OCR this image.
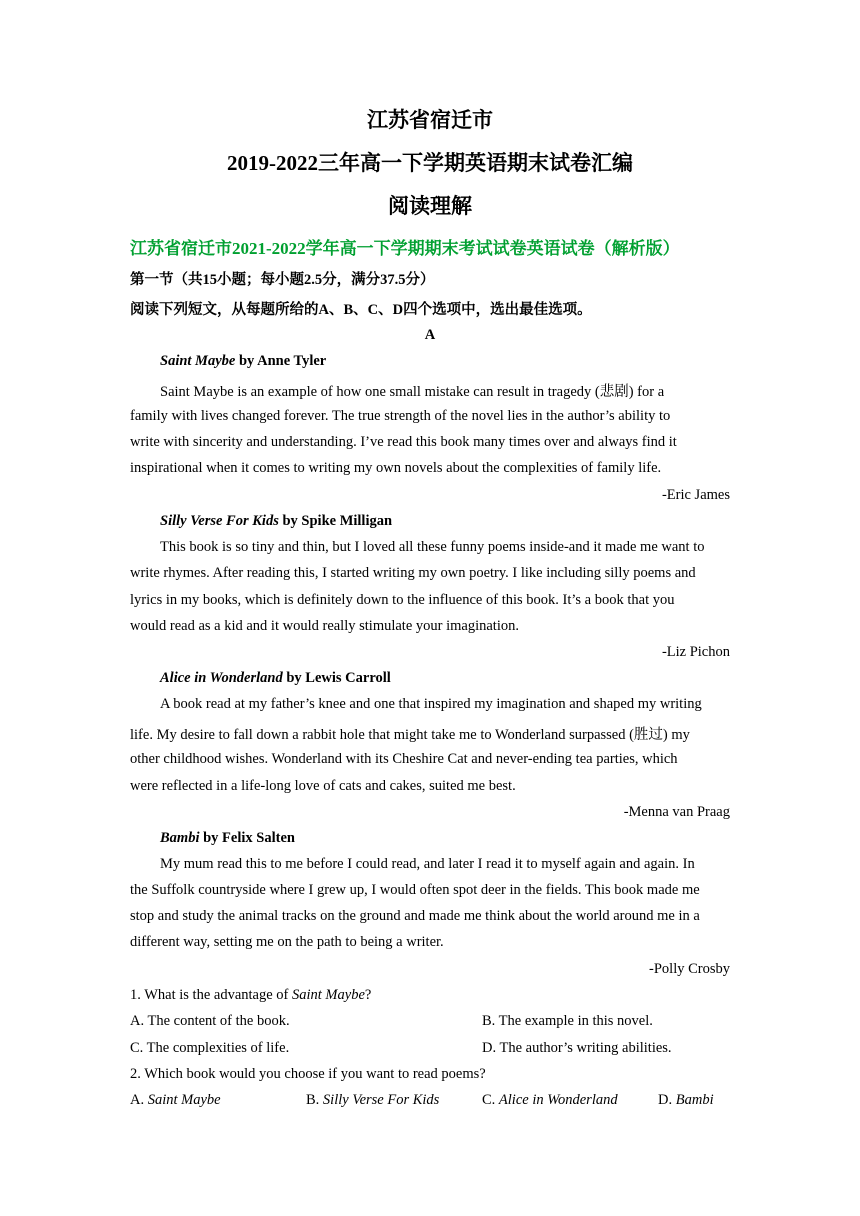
江苏省宿迁市
2019-2022三年高一下学期英语期末试卷汇编
阅读理解
江苏省宿迁市2021-2022学年高一下学期期末考试试卷英语试卷（解析版）
第一节（共15小题；每小题2.5分，满分37.5分）
阅读下列短文，从每题所给的A、B、C、D四个选项中，选出最佳选项。
A
Saint Maybe by Anne Tyler
Saint Maybe is an example of how one small mistake can result in tragedy (悲剧) for a
family with lives changed forever. The true strength of the novel lies in the author’s ability to
write with sincerity and understanding. I’ve read this book many times over and always find it
inspirational when it comes to writing my own novels about the complexities of family life.
-Eric James
Silly Verse For Kids by Spike Milligan
This book is so tiny and thin, but I loved all these funny poems inside-and it made me want to
write rhymes. After reading this, I started writing my own poetry. I like including silly poems and
lyrics in my books, which is definitely down to the influence of this book. It’s a book that you
would read as a kid and it would really stimulate your imagination.
-Liz Pichon
Alice in Wonderland by Lewis Carroll
A book read at my father’s knee and one that inspired my imagination and shaped my writing
life. My desire to fall down a rabbit hole that might take me to Wonderland surpassed (胜过) my
other childhood wishes. Wonderland with its Cheshire Cat and never-ending tea parties, which
were reflected in a life-long love of cats and cakes, suited me best.
-Menna van Praag
Bambi by Felix Salten
My mum read this to me before I could read, and later I read it to myself again and again. In
the Suffolk countryside where I grew up, I would often spot deer in the fields. This book made me
stop and study the animal tracks on the ground and made me think about the world around me in a
different way, setting me on the path to being a writer.
-Polly Crosby
1. What is the advantage of Saint Maybe?
A. The content of the book.	B. The example in this novel.
C. The complexities of life.	D. The author’s writing abilities.
2. Which book would you choose if you want to read poems?
A. Saint Maybe	B. Silly Verse For Kids	C. Alice in Wonderland	D. Bambi
